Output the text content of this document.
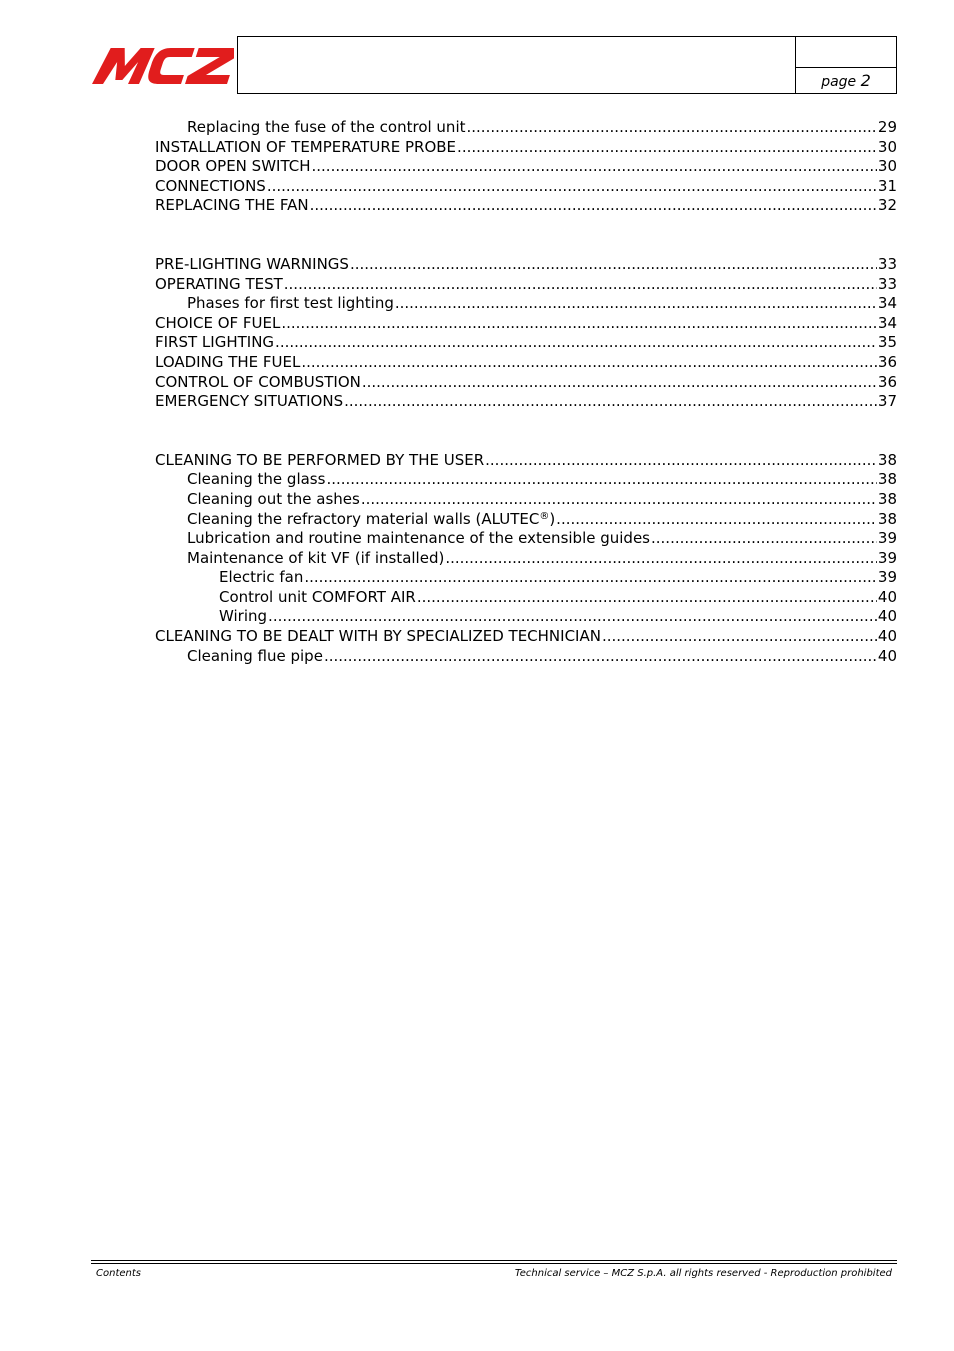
page 2
Replacing the fuse of the control unit .....	29
INSTALLATION OF TEMPERATURE PROBE .....	30
DOOR OPEN SWITCH .....	30
CONNECTIONS .....	31
REPLACING THE FAN .....	32
PRE-LIGHTING WARNINGS .....	33
OPERATING TEST .....	33
Phases for first test lighting .....	34
CHOICE OF FUEL .....	34
FIRST LIGHTING .....	35
LOADING THE FUEL .....	36
CONTROL OF COMBUSTION .....	36
EMERGENCY SITUATIONS .....	37
CLEANING TO BE PERFORMED BY THE USER .....	38
Cleaning the glass .....	38
Cleaning out the ashes .....	38
Cleaning the refractory material walls (ALUTEC®) .....	38
Lubrication and routine maintenance of the extensible guides .....	39
Maintenance of kit VF (if installed) .....	39
Electric fan .....	39
Control unit COMFORT AIR .....	40
Wiring .....	40
CLEANING TO BE DEALT WITH BY SPECIALIZED TECHNICIAN .....	40
Cleaning flue pipe .....	40
Contents	Technical service – MCZ S.p.A. all rights reserved - Reproduction prohibited
